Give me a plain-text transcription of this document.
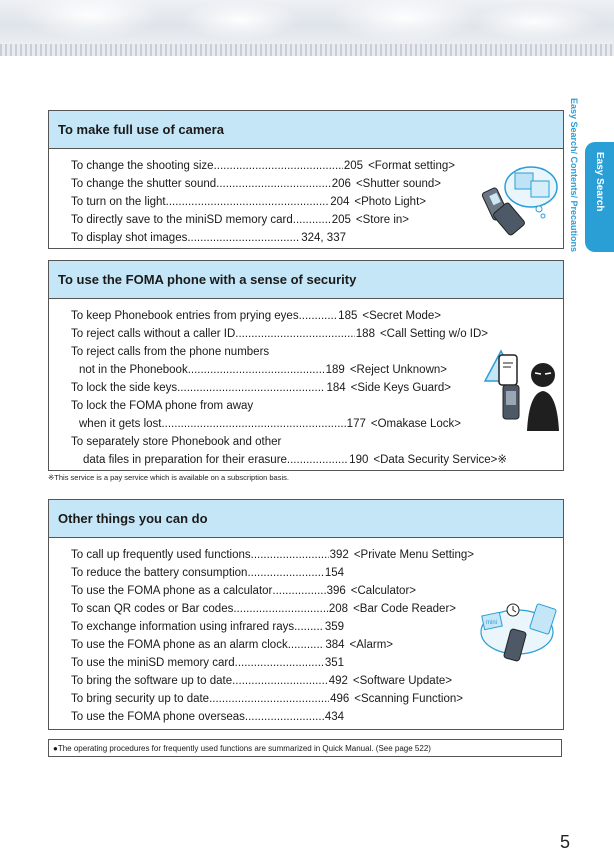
Easy Search/ Contents/ Precautions Easy Search
To make full use of camera
To change the shooting size .....	205 <Format setting>
To change the shutter sound .....	206 <Shutter sound>
To turn on the light .....	204 <Photo Light>
To directly save to the miniSD memory card .....	205 <Store in>
To display shot images .....	324, 337
To use the FOMA phone with a sense of security
To keep Phonebook entries from prying eyes .....	185 <Secret Mode>
To reject calls without a caller ID .....	188 <Call Setting w/o ID>
To reject calls from the phone numbers
not in the Phonebook .....	189 <Reject Unknown>
To lock the side keys .....	184 <Side Keys Guard>
To lock the FOMA phone from away
when it gets lost .....	177 <Omakase Lock>
To separately store Phonebook and other
data files in preparation for their erasure .....	190 <Data Security Service>※
※This service is a pay service which is available on a subscription basis.
Other things you can do
To call up frequently used functions .....	392 <Private Menu Setting>
To reduce the battery consumption .....	154
To use the FOMA phone as a calculator .....	396 <Calculator>
To scan QR codes or Bar codes .....	208 <Bar Code Reader>
To exchange information using infrared rays .....	359
To use the FOMA phone as an alarm clock .....	384 <Alarm>
To use the miniSD memory card .....	351
To bring the software up to date .....	492 <Software Update>
To bring security up to date .....	496 <Scanning Function>
To use the FOMA phone overseas .....	434
mini
●The operating procedures for frequently used functions are summarized in Quick Manual. (See page 522)
5
